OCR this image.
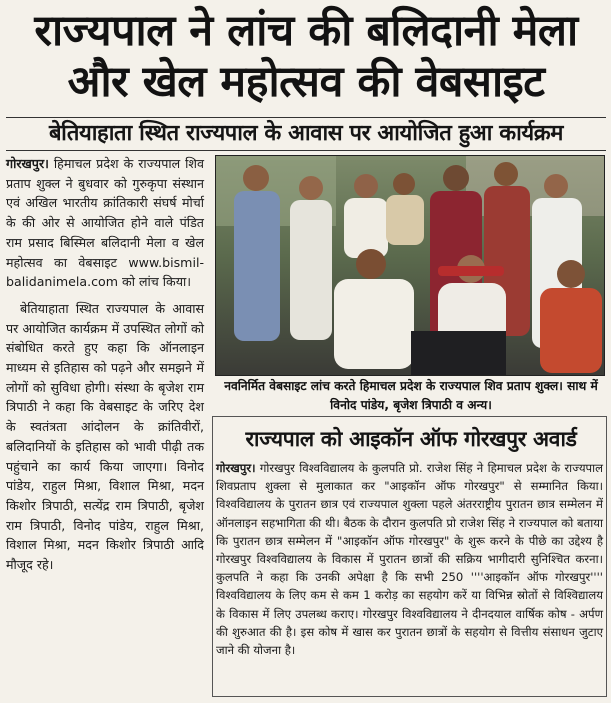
राज्यपाल ने लांच की बलिदानी मेला
और खेल महोत्सव की वेबसाइट
बेतियाहाता स्थित राज्यपाल के आवास पर आयोजित हुआ कार्यक्रम

गोरखपुर। हिमाचल प्रदेश के राज्यपाल शिव प्रताप शुक्ल ने बुधवार को गुरुकृपा संस्थान एवं अखिल भारतीय क्रांतिकारी संघर्ष मोर्चा के की ओर से आयोजित होने वाले पंडित राम प्रसाद बिस्मिल बलिदानी मेला व खेल महोत्सव का वेबसाइट www.bismil-balidanimela.com को लांच किया।

बेतियाहाता स्थित राज्यपाल के आवास पर आयोजित कार्यक्रम में उपस्थित लोगों को संबोधित करते हुए कहा कि ऑनलाइन माध्यम से इतिहास को पढ़ने और समझने में लोगों को सुविधा होगी। संस्था के बृजेश राम त्रिपाठी ने कहा कि वेबसाइट के जरिए देश के स्वतंत्रता आंदोलन के क्रांतिवीरों, बलिदानियों के इतिहास को भावी पीढ़ी तक पहुंचाने का कार्य किया जाएगा। विनोद पांडेय, राहुल मिश्रा, विशाल मिश्रा, मदन किशोर त्रिपाठी, सत्येंद्र राम त्रिपाठी, बृजेश राम त्रिपाठी, विनोद पांडेय, राहुल मिश्रा, विशाल मिश्रा, मदन किशोर त्रिपाठी आदि मौजूद रहे।

नवनिर्मित वेबसाइट लांच करते हिमाचल प्रदेश के राज्यपाल शिव प्रताप शुक्ल। साथ में विनोद पांडेय, बृजेश त्रिपाठी व अन्य।
राज्यपाल को आइकॉन ऑफ गोरखपुर अवार्ड

गोरखपुर। गोरखपुर विश्वविद्यालय के कुलपति प्रो. राजेश सिंह ने हिमाचल प्रदेश के राज्यपाल शिवप्रताप शुक्ला से मुलाकात कर "आइकॉन ऑफ गोरखपुर" से सम्मानित किया। विश्वविद्यालय के पुरातन छात्र एवं राज्यपाल शुक्ला पहले अंतरराष्ट्रीय पुरातन छात्र सम्मेलन में ऑनलाइन सहभागिता की थी। बैठक के दौरान कुलपति प्रो राजेश सिंह ने राज्यपाल को बताया कि पुरातन छात्र सम्मेलन में "आइकॉन ऑफ गोरखपुर" के शुरू करने के पीछे का उद्देश्य है गोरखपुर विश्वविद्यालय के विकास में पुरातन छात्रों की सक्रिय भागीदारी सुनिश्चित करना। कुलपति ने कहा कि उनकी अपेक्षा है कि सभी 250 ''''आइकॉन ऑफ गोरखपुर'''' विश्वविद्यालय के लिए कम से कम 1 करोड़ का सहयोग करें या विभिन्न स्रोतों से विश्विद्यालय के विकास में लिए उपलब्ध कराए। गोरखपुर विश्वविद्यालय ने दीनदयाल वार्षिक कोष - अर्पण की शुरुआत की है। इस कोष में खास कर पुरातन छात्रों के सहयोग से वित्तीय संसाधन जुटाए जाने की योजना है।
